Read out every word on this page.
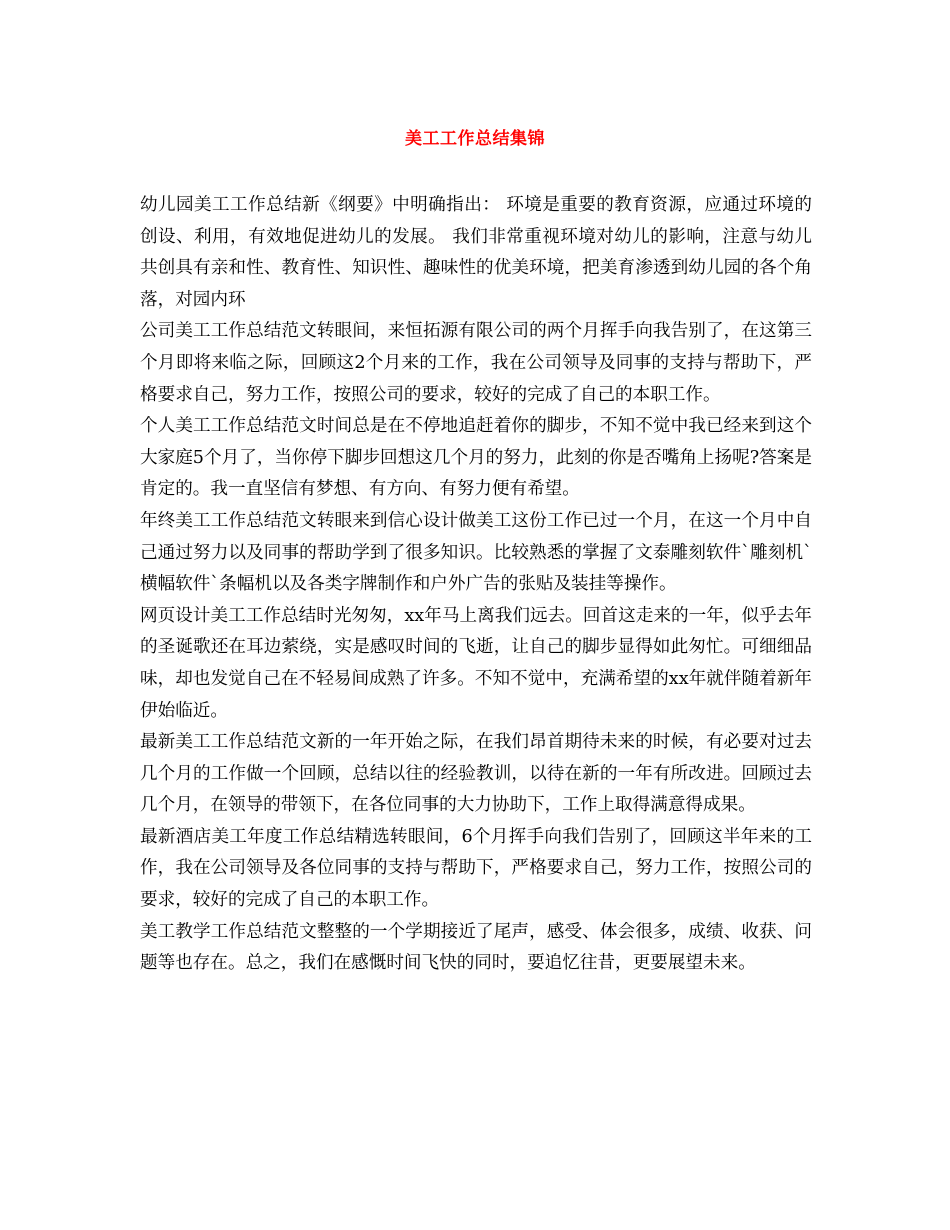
美工工作总结集锦

幼儿园美工工作总结新《纲要》中明确指出： 环境是重要的教育资源，应通过环境的创设、利用，有效地促进幼儿的发展。 我们非常重视环境对幼儿的影响，注意与幼儿共创具有亲和性、教育性、知识性、趣味性的优美环境，把美育渗透到幼儿园的各个角落，对园内环

公司美工工作总结范文转眼间，来恒拓源有限公司的两个月挥手向我告别了，在这第三个月即将来临之际，回顾这2个月来的工作，我在公司领导及同事的支持与帮助下，严格要求自己，努力工作，按照公司的要求，较好的完成了自己的本职工作。

个人美工工作总结范文时间总是在不停地追赶着你的脚步，不知不觉中我已经来到这个大家庭5个月了，当你停下脚步回想这几个月的努力，此刻的你是否嘴角上扬呢?答案是肯定的。我一直坚信有梦想、有方向、有努力便有希望。

年终美工工作总结范文转眼来到信心设计做美工这份工作已过一个月，在这一个月中自己通过努力以及同事的帮助学到了很多知识。比较熟悉的掌握了文泰雕刻软件`雕刻机`横幅软件`条幅机以及各类字牌制作和户外广告的张贴及装挂等操作。

网页设计美工工作总结时光匆匆，xx年马上离我们远去。回首这走来的一年，似乎去年的圣诞歌还在耳边萦绕，实是感叹时间的飞逝，让自己的脚步显得如此匆忙。可细细品味，却也发觉自己在不轻易间成熟了许多。不知不觉中，充满希望的xx年就伴随着新年伊始临近。

最新美工工作总结范文新的一年开始之际，在我们昂首期待未来的时候，有必要对过去几个月的工作做一个回顾，总结以往的经验教训，以待在新的一年有所改进。回顾过去几个月，在领导的带领下，在各位同事的大力协助下，工作上取得满意得成果。

最新酒店美工年度工作总结精选转眼间，6个月挥手向我们告别了，回顾这半年来的工作，我在公司领导及各位同事的支持与帮助下，严格要求自己，努力工作，按照公司的要求，较好的完成了自己的本职工作。

美工教学工作总结范文整整的一个学期接近了尾声，感受、体会很多，成绩、收获、问题等也存在。总之，我们在感慨时间飞快的同时，要追忆往昔，更要展望未来。
